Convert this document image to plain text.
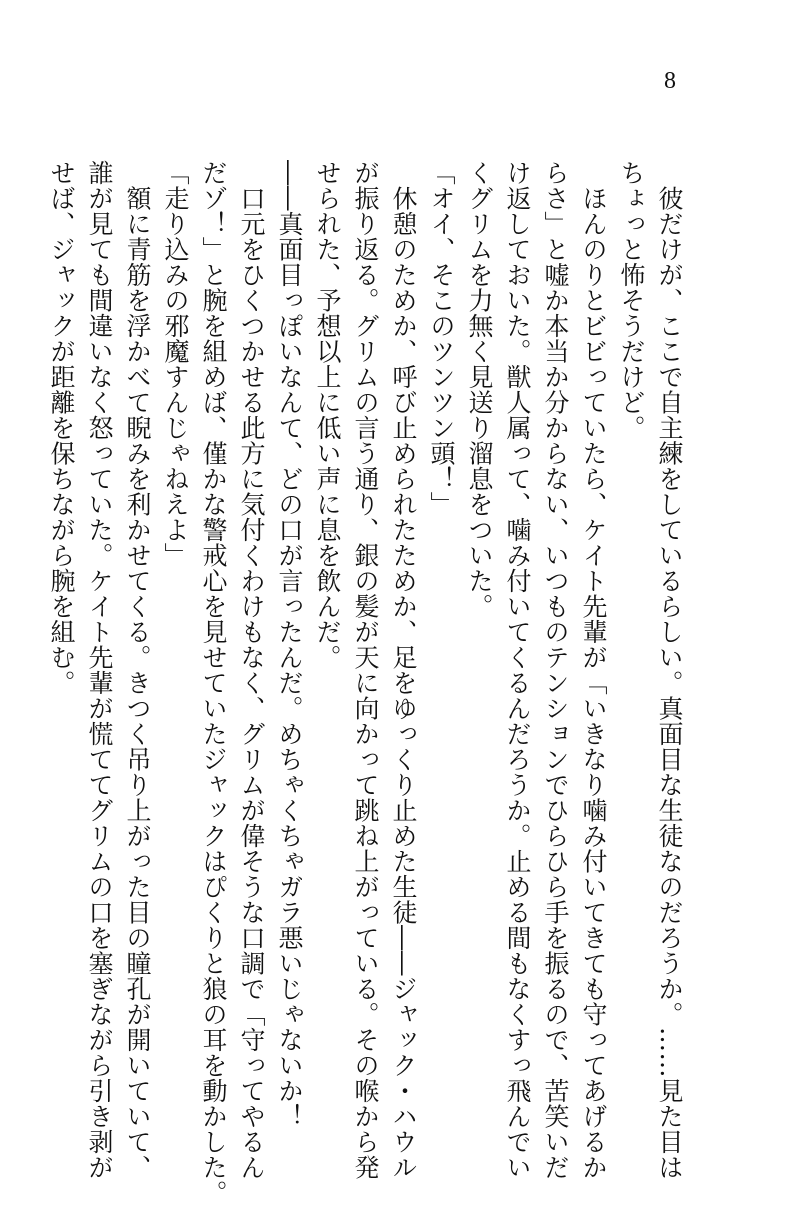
8

　彼だけが、ここで自主練をしているらしい。真面目な生徒なのだろうか。……見た目は

ちょっと怖そうだけど。

　ほんのりとビビっていたら、ケイト先輩が「いきなり噛み付いてきても守ってあげるか

らさ」と嘘か本当か分からない、いつものテンションでひらひら手を振るので、苦笑いだ

け返しておいた。獣人属って、噛み付いてくるんだろうか。止める間もなくすっ飛んでい

くグリムを力無く見送り溜息をついた。

「オイ、そこのツンツン頭！」

　休憩のためか、呼び止められたためか、足をゆっくり止めた生徒――ジャック・ハウル

が振り返る。グリムの言う通り、銀の髪が天に向かって跳ね上がっている。その喉から発

せられた、予想以上に低い声に息を飲んだ。

――真面目っぽいなんて、どの口が言ったんだ。めちゃくちゃガラ悪いじゃないか！

　口元をひくつかせる此方に気付くわけもなく、グリムが偉そうな口調で「守ってやるん

だゾ！」と腕を組めば、僅かな警戒心を見せていたジャックはぴくりと狼の耳を動かした。

「走り込みの邪魔すんじゃねえよ」

　額に青筋を浮かべて睨みを利かせてくる。きつく吊り上がった目の瞳孔が開いていて、

誰が見ても間違いなく怒っていた。ケイト先輩が慌ててグリムの口を塞ぎながら引き剥が

せば、ジャックが距離を保ちながら腕を組む。
